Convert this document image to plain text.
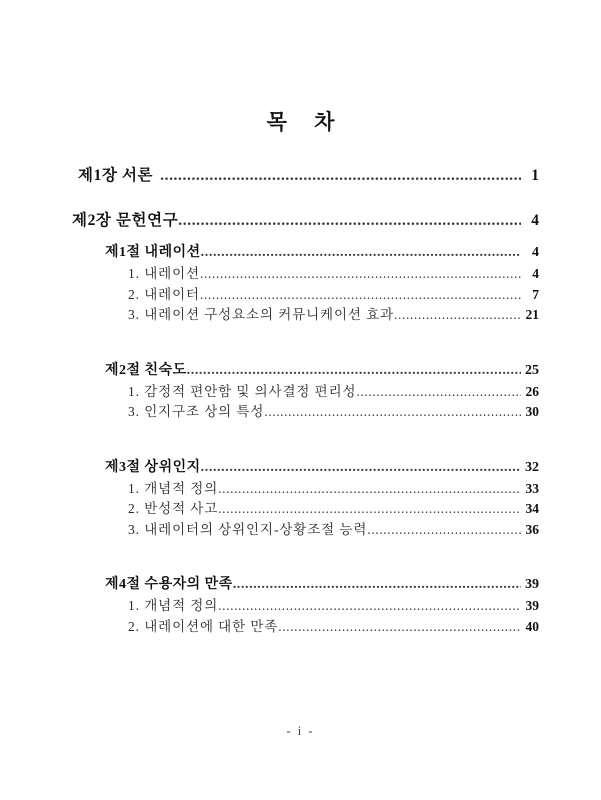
목 차
제1장 서론 .....	1
제2장 문헌연구 .....	4
제1절 내레이션 .....	4
1. 내레이션 .....	4
2. 내레이터 .....	7
3. 내레이션 구성요소의 커뮤니케이션 효과 .....	21
제2절 친숙도 .....	25
1. 감정적 편안함 및 의사결정 편리성 .....	26
3. 인지구조 상의 특성 .....	30
제3절 상위인지 .....	32
1. 개념적 정의 .....	33
2. 반성적 사고 .....	34
3. 내레이터의 상위인지-상황조절 능력 .....	36
제4절 수용자의 만족 .....	39
1. 개념적 정의 .....	39
2. 내레이션에 대한 만족 .....	40
- i -
